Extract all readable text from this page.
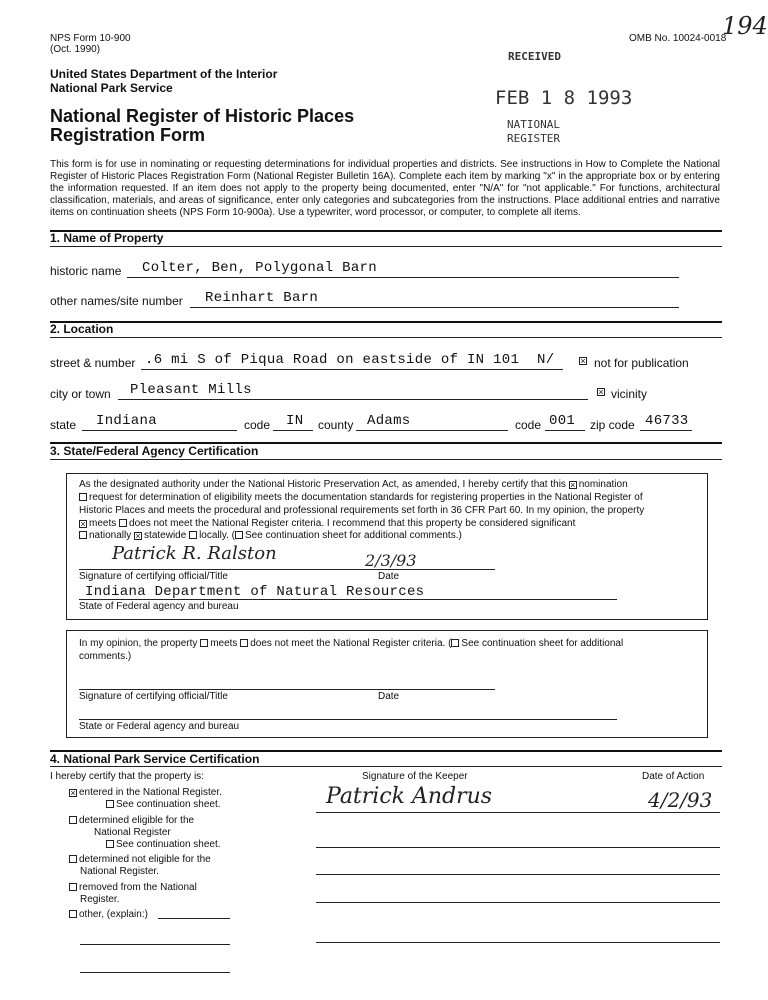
NPS Form 10-900
(Oct. 1990)
OMB No. 10024-0018
194
United States Department of the Interior
National Park Service
National Register of Historic Places
Registration Form
RECEIVED
FEB 1 8 1993
NATIONAL
REGISTER
This form is for use in nominating or requesting determinations for individual properties and districts. See instructions in How to Complete the National Register of Historic Places Registration Form (National Register Bulletin 16A). Complete each item by marking "x" in the appropriate box or by entering the information requested. If an item does not apply to the property being documented, enter "N/A" for "not applicable." For functions, architectural classification, materials, and areas of significance, enter only categories and subcategories from the instructions. Place additional entries and narrative items on continuation sheets (NPS Form 10-900a). Use a typewriter, word processor, or computer, to complete all items.
1. Name of Property
historic name Colter, Ben, Polygonal Barn
other names/site number Reinhart Barn
2. Location
street & number .6 mi S of Piqua Road on eastside of IN 101 N/ ×	not for publication
city or town Pleasant Mills ×	vicinity
state Indiana	code IN county Adams	code 001 zip code 46733
3. State/Federal Agency Certification
As the designated authority under the National Historic Preservation Act, as amended, I hereby certify that this × nomination
request for determination of eligibility meets the documentation standards for registering properties in the National Register of
Historic Places and meets the procedural and professional requirements set forth in 36 CFR Part 60. In my opinion, the property
×meets does not meet the National Register criteria. I recommend that this property be considered significant
nationally × statewide locally. ( See continuation sheet for additional comments.)
Patrick R. Ralston	2/3/93
Signature of certifying official/Title	Date
Indiana Department of Natural Resources
State of Federal agency and bureau
In my opinion, the property meets does not meet the National Register criteria. ( See continuation sheet for additional
comments.)
Signature of certifying official/Title	Date
State or Federal agency and bureau
4. National Park Service Certification
I hereby certify that the property is:	Signature of the Keeper	Date of Action
Patrick Andrus	4/2/93
×entered in the National Register.
See continuation sheet.
determined eligible for the
National Register
See continuation sheet.
determined not eligible for the
National Register.
removed from the National
Register.
other, (explain:)
